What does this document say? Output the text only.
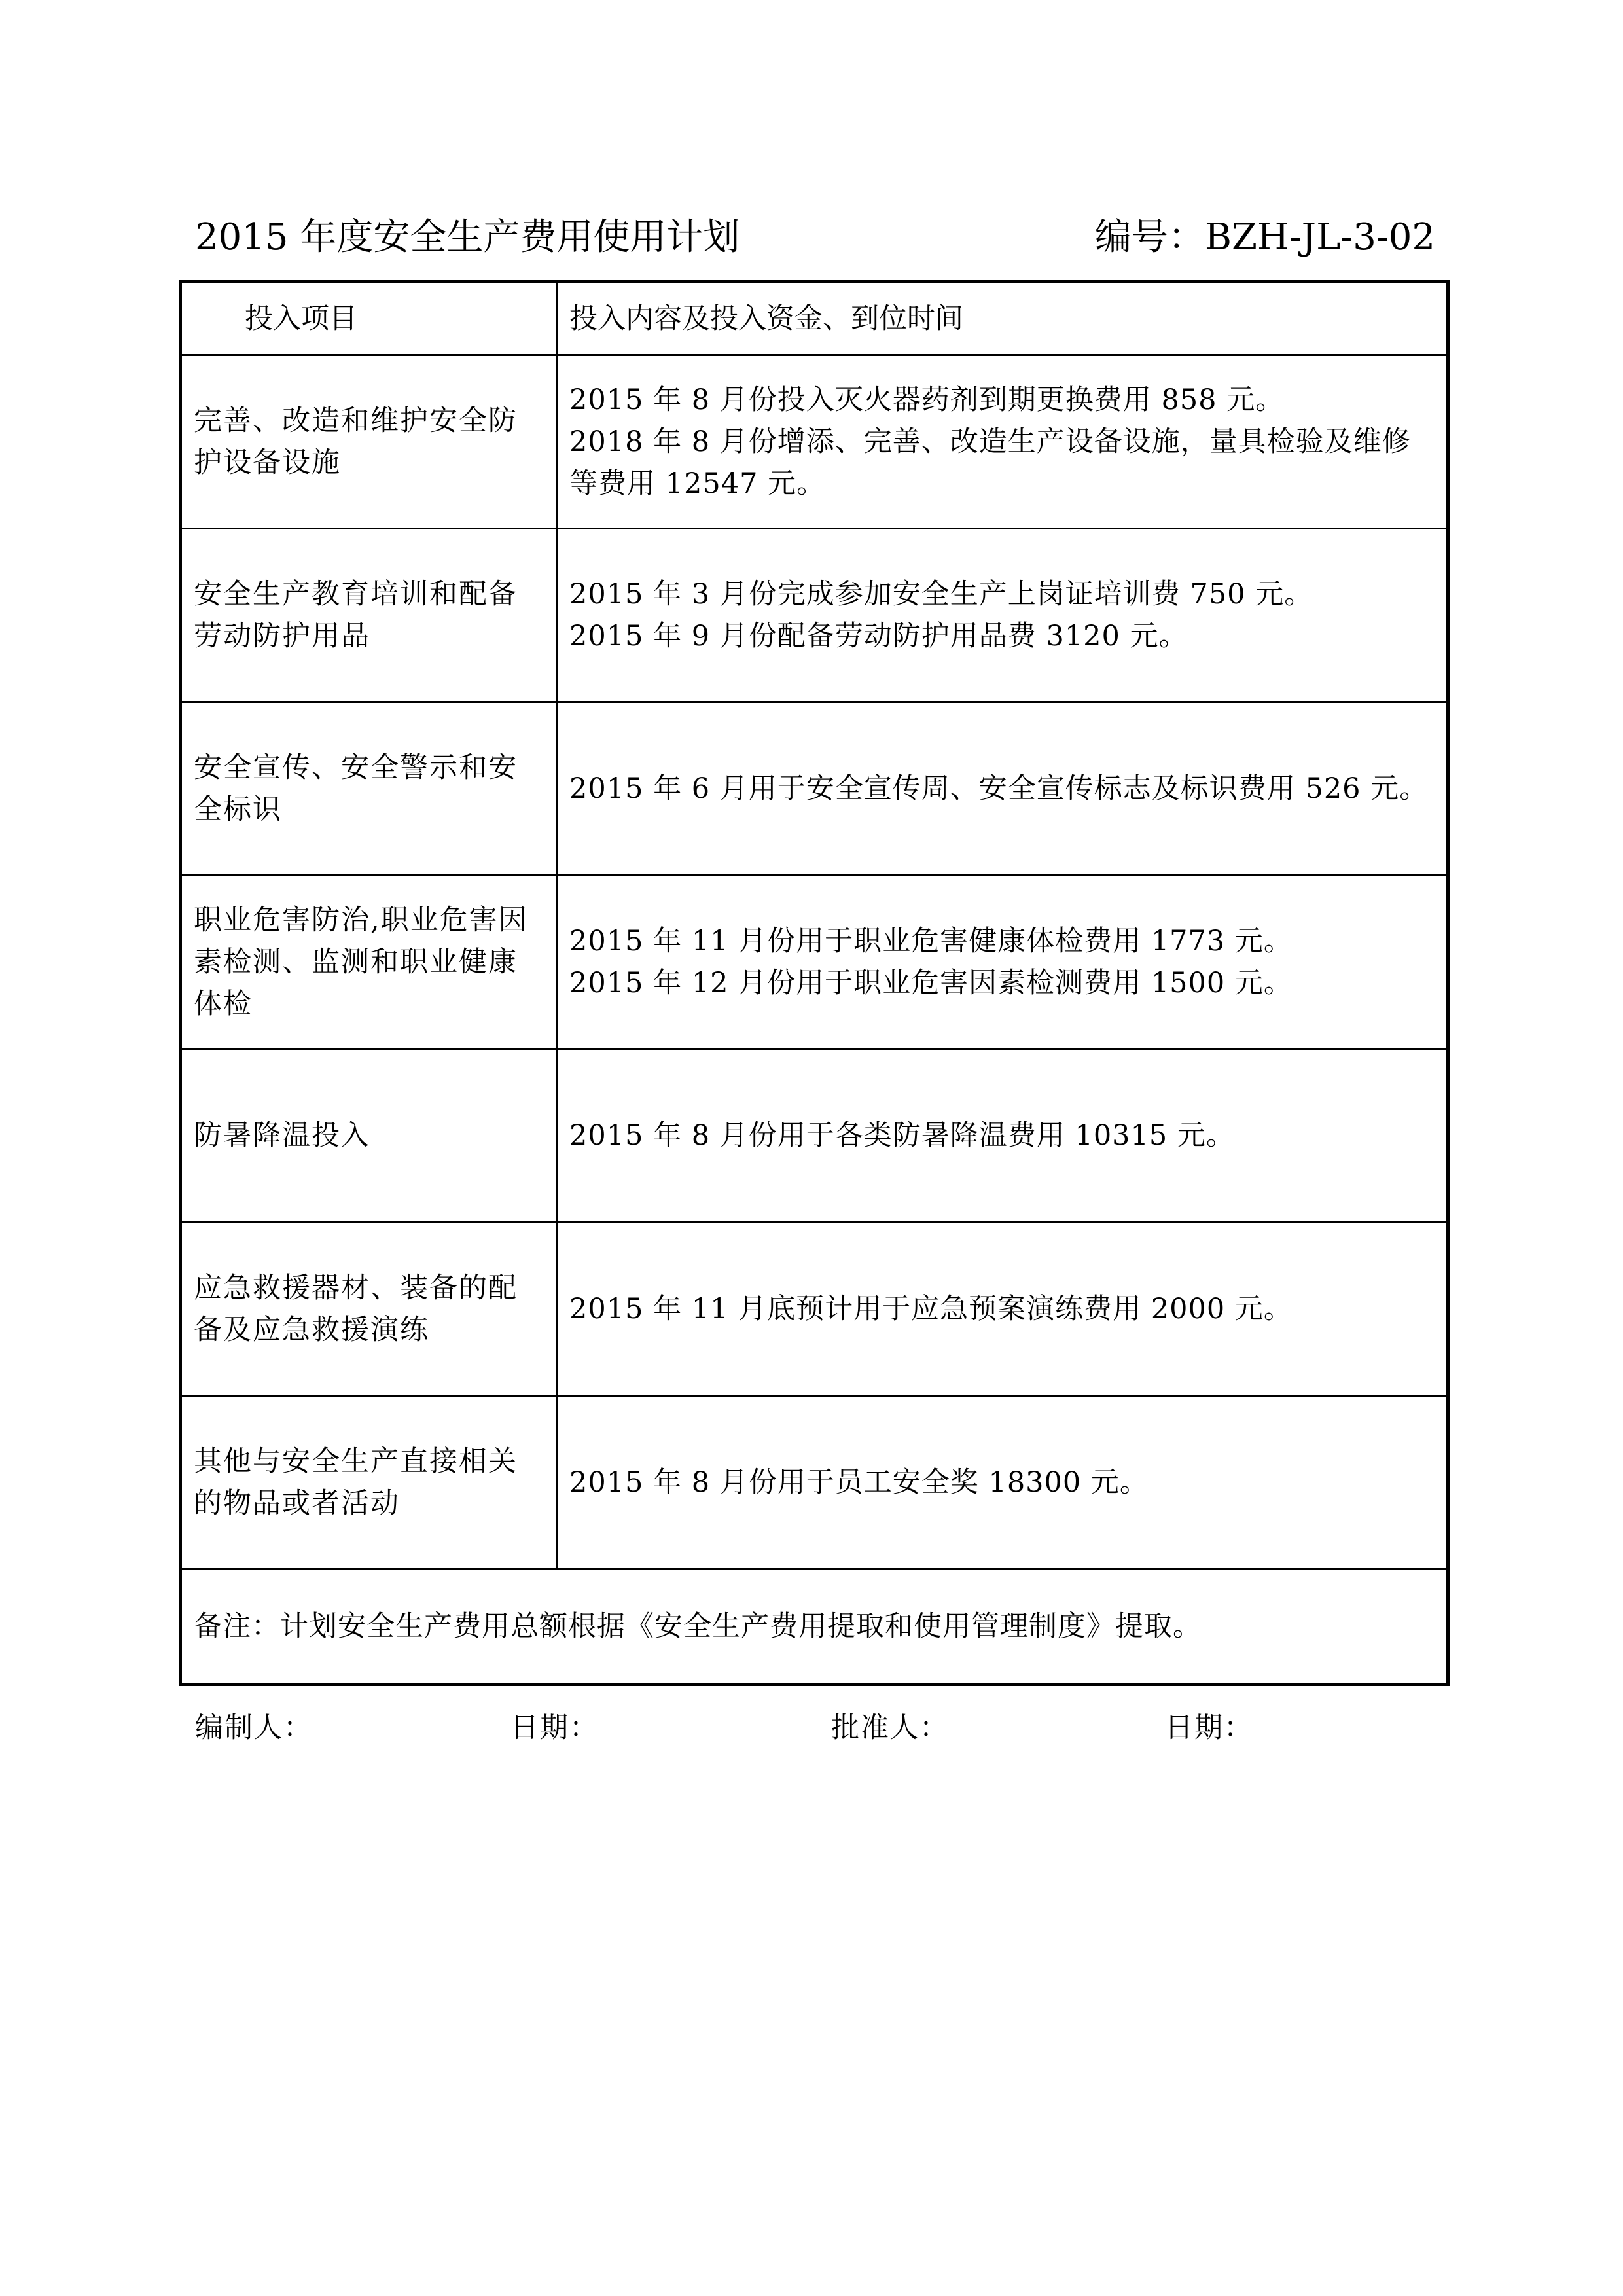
2015 年度安全生产费用使用计划	编号：BZH-JL-3-02
投入项目	投入内容及投入资金、到位时间
完善、改造和维护安全防护设备设施	2015 年 8 月份投入灭火器药剂到期更换费用 858 元。
2018 年 8 月份增添、完善、改造生产设备设施，量具检验及维修等费用 12547 元。

安全生产教育培训和配备劳动防护用品	2015 年 3 月份完成参加安全生产上岗证培训费 750 元。
2015 年 9 月份配备劳动防护用品费 3120 元。

安全宣传、安全警示和安全标识	2015 年 6 月用于安全宣传周、安全宣传标志及标识费用 526 元。

职业危害防治,职业危害因素检测、监测和职业健康体检	2015 年 11 月份用于职业危害健康体检费用 1773 元。
2015 年 12 月份用于职业危害因素检测费用 1500 元。

防暑降温投入	2015 年 8 月份用于各类防暑降温费用 10315 元。

应急救援器材、装备的配备及应急救援演练	2015 年 11 月底预计用于应急预案演练费用 2000 元。

其他与安全生产直接相关的物品或者活动	2015 年 8 月份用于员工安全奖 18300 元。

备注：计划安全生产费用总额根据《安全生产费用提取和使用管理制度》提取。	
编制人：	日期：	批准人：	日期：
